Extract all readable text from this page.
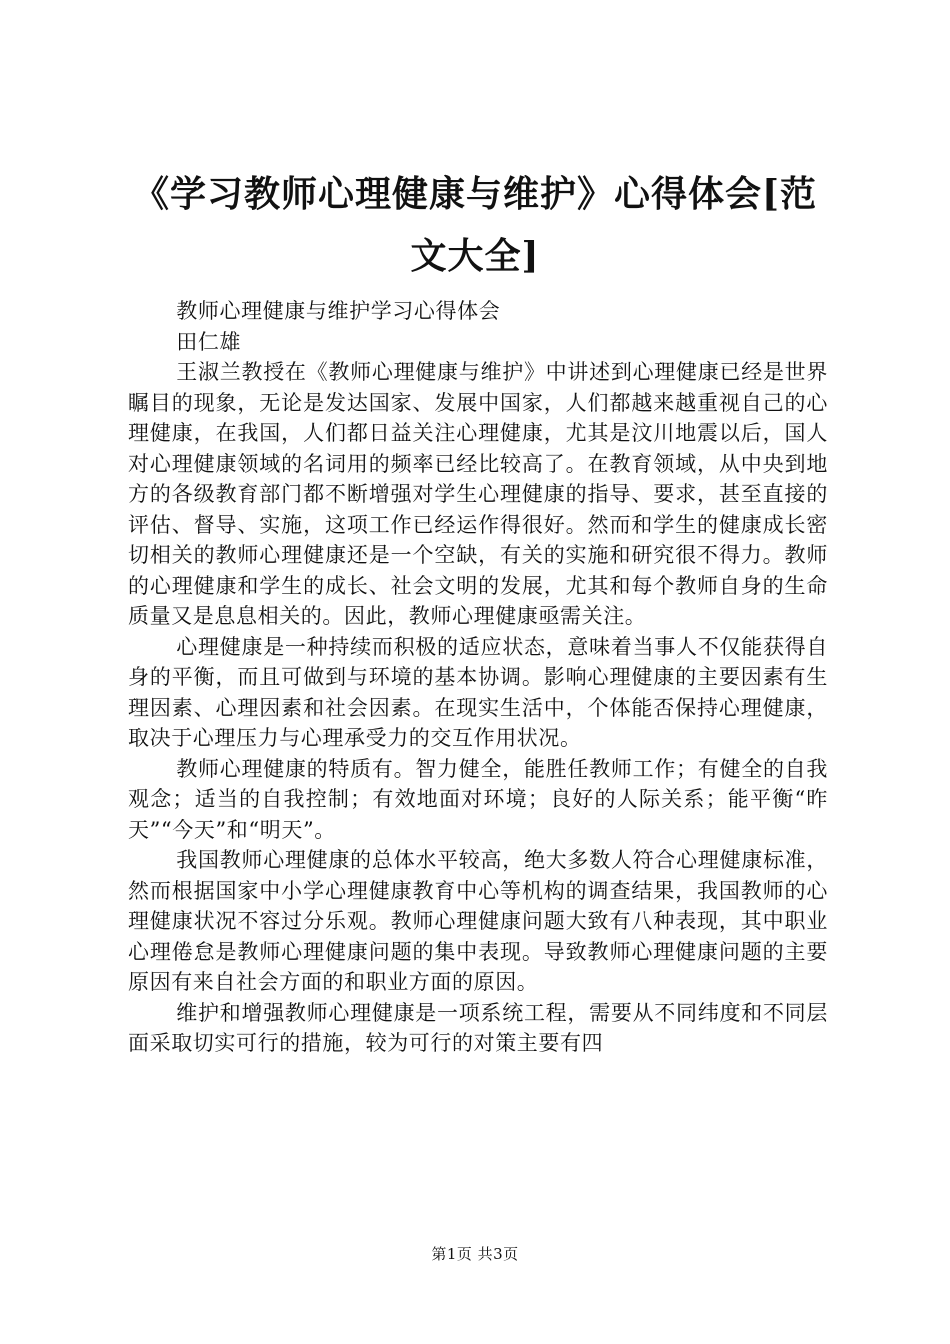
《学习教师心理健康与维护》心得体会[范文大全]

教师心理健康与维护学习心得体会

田仁雄

王淑兰教授在《教师心理健康与维护》中讲述到心理健康已经是世界瞩目的现象，无论是发达国家、发展中国家，人们都越来越重视自己的心理健康，在我国，人们都日益关注心理健康，尤其是汶川地震以后，国人对心理健康领域的名词用的频率已经比较高了。在教育领域，从中央到地方的各级教育部门都不断增强对学生心理健康的指导、要求，甚至直接的评估、督导、实施，这项工作已经运作得很好。然而和学生的健康成长密切相关的教师心理健康还是一个空缺，有关的实施和研究很不得力。教师的心理健康和学生的成长、社会文明的发展，尤其和每个教师自身的生命质量又是息息相关的。因此，教师心理健康亟需关注。

心理健康是一种持续而积极的适应状态，意味着当事人不仅能获得自身的平衡，而且可做到与环境的基本协调。影响心理健康的主要因素有生理因素、心理因素和社会因素。在现实生活中，个体能否保持心理健康，取决于心理压力与心理承受力的交互作用状况。

教师心理健康的特质有。智力健全，能胜任教师工作；有健全的自我观念；适当的自我控制；有效地面对环境；良好的人际关系；能平衡“昨天”“今天”和“明天”。

我国教师心理健康的总体水平较高，绝大多数人符合心理健康标准，然而根据国家中小学心理健康教育中心等机构的调查结果，我国教师的心理健康状况不容过分乐观。教师心理健康问题大致有八种表现，其中职业心理倦怠是教师心理健康问题的集中表现。导致教师心理健康问题的主要原因有来自社会方面的和职业方面的原因。

维护和增强教师心理健康是一项系统工程，需要从不同纬度和不同层面采取切实可行的措施，较为可行的对策主要有四

第1页 共3页
